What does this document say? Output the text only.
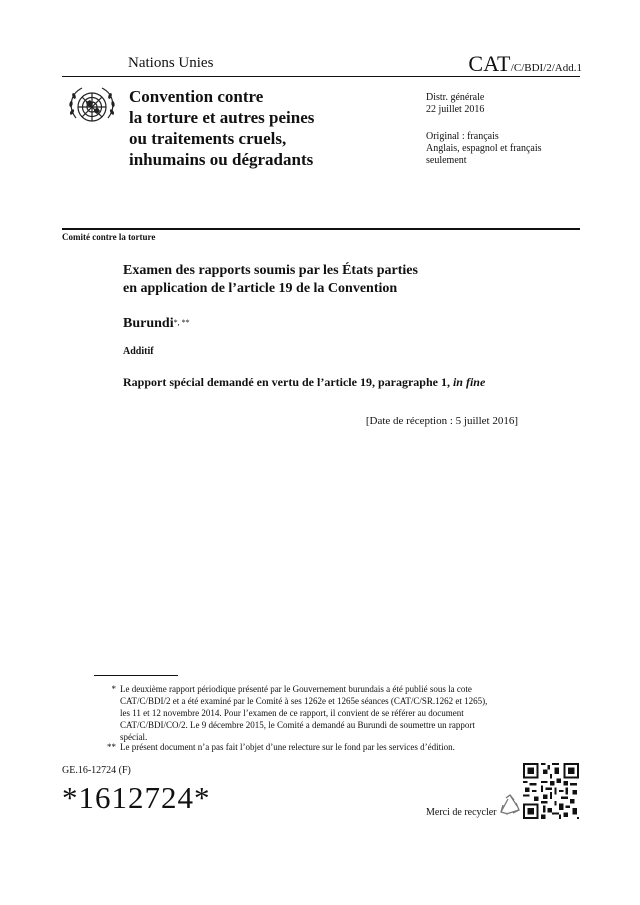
Nations Unies	CAT/C/BDI/2/Add.1
Convention contre
la torture et autres peines
ou traitements cruels,
inhumains ou dégradants
Distr. générale
22 juillet 2016
Original : français
Anglais, espagnol et français
seulement
Comité contre la torture
Examen des rapports soumis par les États parties
en application de l’article 19 de la Convention
Burundi*, **
Additif
Rapport spécial demandé en vertu de l’article 19, paragraphe 1, in fine
[Date de réception : 5 juillet 2016]
* Le deuxième rapport périodique présenté par le Gouvernement burundais a été publié sous la cote
CAT/C/BDI/2 et a été examiné par le Comité à ses 1262e et 1265e séances (CAT/C/SR.1262 et 1265),
les 11 et 12 novembre 2014. Pour l’examen de ce rapport, il convient de se référer au document
CAT/C/BDI/CO/2. Le 9 décembre 2015, le Comité a demandé au Burundi de soumettre un rapport
spécial.
** Le présent document n’a pas fait l’objet d’une relecture sur le fond par les services d’édition.
GE.16-12724 (F)
*1612724*	Merci de recycler
